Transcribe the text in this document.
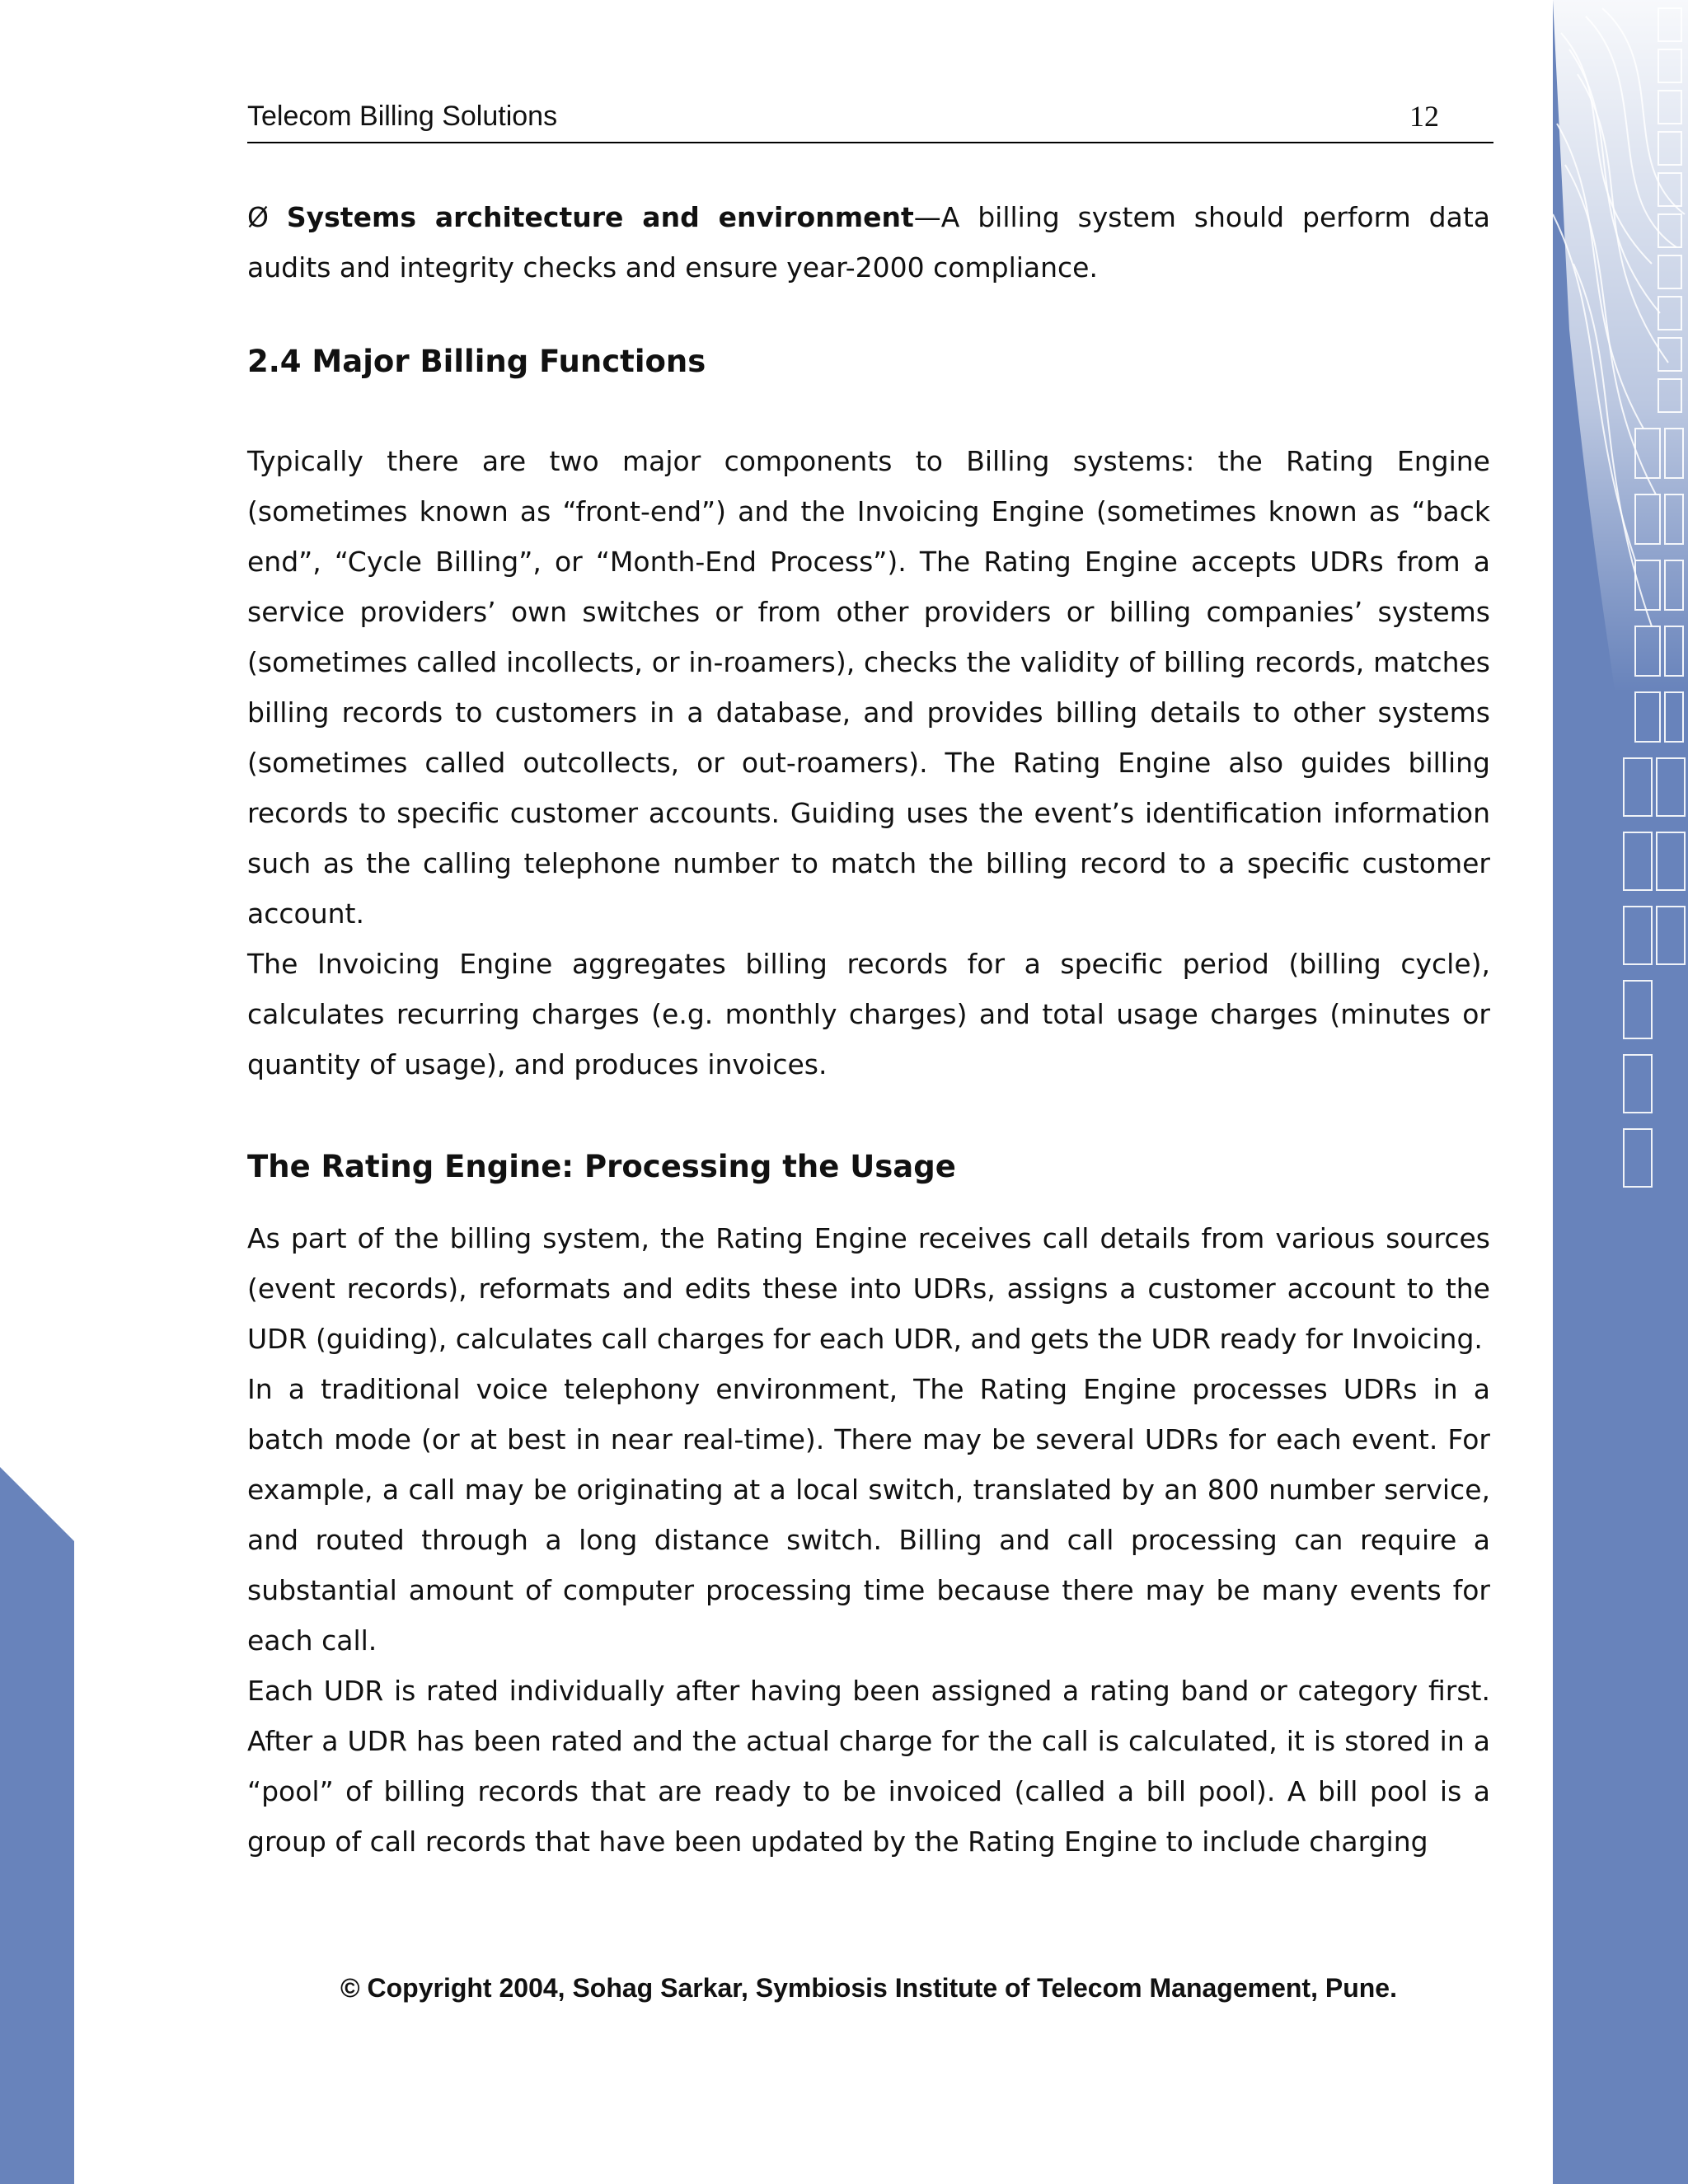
Telecom Billing Solutions	12

Ø Systems architecture and environment—A billing system should perform data audits and integrity checks and ensure year-2000 compliance.

2.4 Major Billing Functions

Typically there are two major components to Billing systems: the Rating Engine (sometimes known as “front-end”) and the Invoicing Engine (sometimes known as “back end”, “Cycle Billing”, or “Month-End Process”). The Rating Engine accepts UDRs from a service providers’ own switches or from other providers or billing companies’ systems (sometimes called incollects, or in-roamers), checks the validity of billing records, matches billing records to customers in a database, and provides billing details to other systems (sometimes called outcollects, or out-roamers). The Rating Engine also guides billing records to specific customer accounts. Guiding uses the event’s identification information such as the calling telephone number to match the billing record to a specific customer account.

The Invoicing Engine aggregates billing records for a specific period (billing cycle), calculates recurring charges (e.g. monthly charges) and total usage charges (minutes or quantity of usage), and produces invoices.

The Rating Engine: Processing the Usage

As part of the billing system, the Rating Engine receives call details from various sources (event records), reformats and edits these into UDRs, assigns a customer account to the UDR (guiding), calculates call charges for each UDR, and gets the UDR ready for Invoicing.

In a traditional voice telephony environment, The Rating Engine processes UDRs in a batch mode (or at best in near real-time). There may be several UDRs for each event. For example, a call may be originating at a local switch, translated by an 800 number service, and routed through a long distance switch. Billing and call processing can require a substantial amount of computer processing time because there may be many events for each call.

Each UDR is rated individually after having been assigned a rating band or category first. After a UDR has been rated and the actual charge for the call is calculated, it is stored in a “pool” of billing records that are ready to be invoiced (called a bill pool). A bill pool is a group of call records that have been updated by the Rating Engine to include charging

© Copyright 2004, Sohag Sarkar, Symbiosis Institute of Telecom Management, Pune.
